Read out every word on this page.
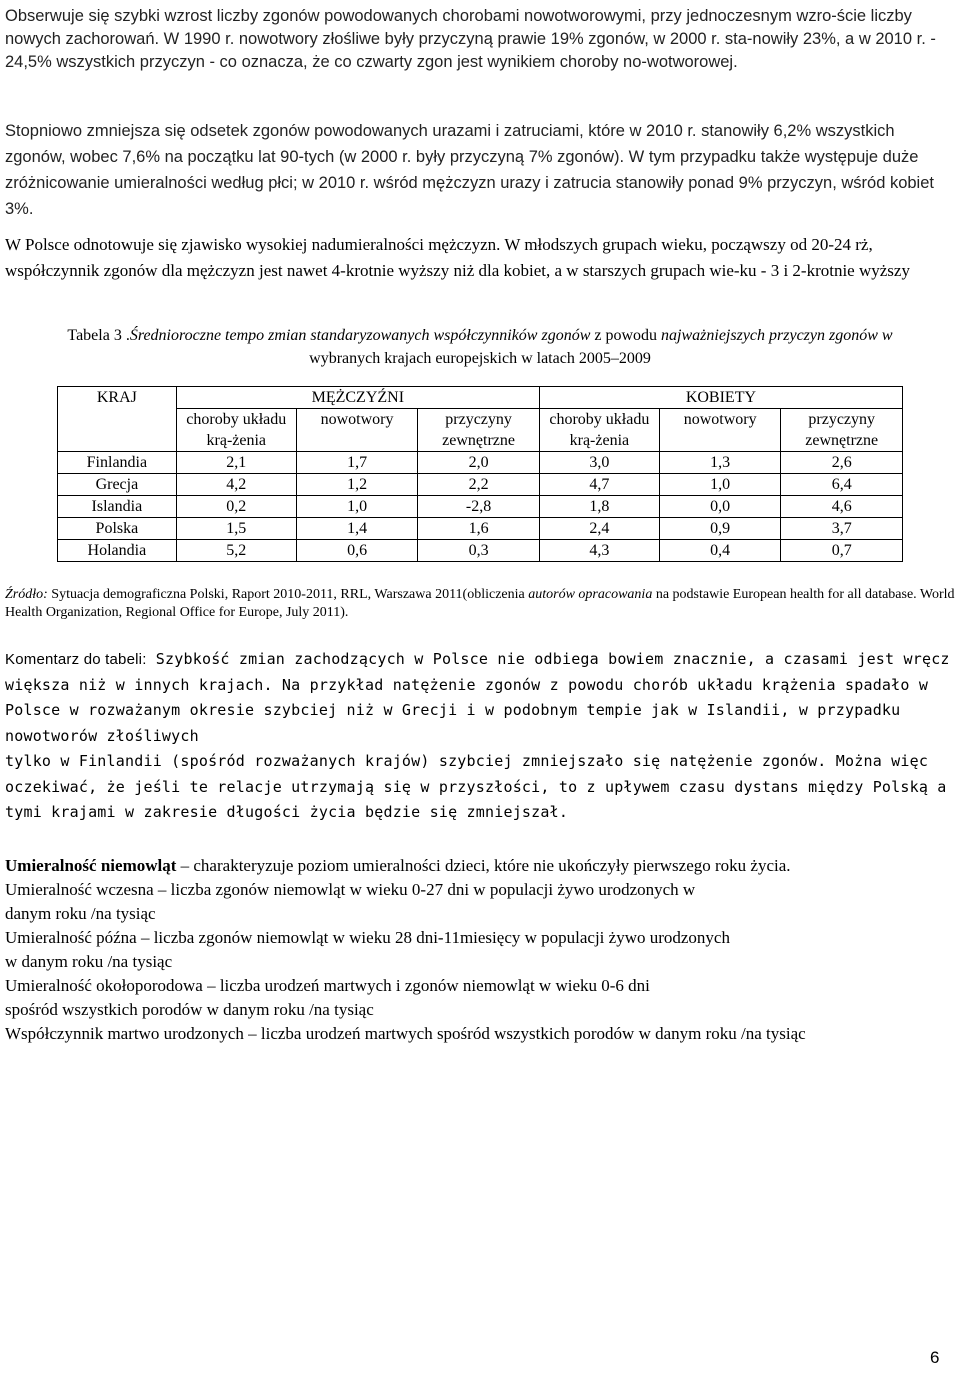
Obserwuje się szybki wzrost liczby zgonów powodowanych chorobami nowotworowymi, przy jednoczesnym wzro-ście liczby nowych zachorowań. W 1990 r. nowotwory złośliwe były przyczyną prawie 19% zgonów, w 2000 r. sta-nowiły 23%, a w 2010 r. - 24,5% wszystkich przyczyn - co oznacza, że co czwarty zgon jest wynikiem choroby no-wotworowej.
Stopniowo zmniejsza się odsetek zgonów powodowanych urazami i zatruciami, które w 2010 r. stanowiły 6,2% wszystkich zgonów, wobec 7,6% na początku lat 90-tych (w 2000 r. były przyczyną 7% zgonów). W tym przypadku także występuje duże zróżnicowanie umieralności według płci; w 2010 r. wśród mężczyzn urazy i zatrucia stanowiły ponad 9% przyczyn, wśród kobiet 3%.
W Polsce odnotowuje się zjawisko wysokiej nadumieralności mężczyzn. W młodszych grupach wieku, począwszy od 20-24 rż, współczynnik zgonów dla mężczyzn jest nawet 4-krotnie wyższy niż dla kobiet, a w starszych grupach wie-ku - 3 i 2-krotnie wyższy
Tabela 3 .Średnioroczne tempo zmian standaryzowanych współczynników zgonów z powodu najważniejszych przyczyn zgonów w
wybranych krajach europejskich w latach 2005–2009
KRAJ	MĘŻCZYŹNI			KOBIETY		
	choroby układu krą-żenia	nowotwory	przyczyny zewnętrzne	choroby układu krą-żenia	nowotwory	przyczyny zewnętrzne
Finlandia	2,1	1,7	2,0	3,0	1,3	2,6
Grecja	4,2	1,2	2,2	4,7	1,0	6,4
Islandia	0,2	1,0	-2,8	1,8	0,0	4,6
Polska	1,5	1,4	1,6	2,4	0,9	3,7
Holandia	5,2	0,6	0,3	4,3	0,4	0,7
Źródło: Sytuacja demograficzna Polski, Raport 2010-2011, RRL, Warszawa 2011(obliczenia autorów opracowania na podstawie European health for all database. World Health Organization, Regional Office for Europe, July 2011).
Komentarz do tabeli: Szybkość zmian zachodzących w Polsce nie odbiega bowiem znacznie, a czasami jest wręcz większa niż w innych krajach. Na przykład natężenie zgonów z powodu chorób układu krążenia spadało w Polsce w rozważanym okresie szybciej niż w Grecji i w podobnym tempie jak w Islandii, w przypadku nowotworów złośliwych
tylko w Finlandii (spośród rozważanych krajów) szybciej zmniejszało się natężenie zgonów. Można więc oczekiwać, że jeśli te relacje utrzymają się w przyszłości, to z upływem czasu dystans między Polską a tymi krajami w zakresie długości życia będzie się zmniejszał.
Umieralność niemowląt – charakteryzuje poziom umieralności dzieci, które nie ukończyły pierwszego roku życia.
Umieralność wczesna – liczba zgonów niemowląt w wieku 0-27 dni w populacji żywo urodzonych w
danym roku /na tysiąc
Umieralność późna – liczba zgonów niemowląt w wieku 28 dni-11miesięcy w populacji żywo urodzonych
w danym roku /na tysiąc
Umieralność okołoporodowa – liczba urodzeń martwych i zgonów niemowląt w wieku 0-6 dni
spośród wszystkich porodów w danym roku /na tysiąc
Współczynnik martwo urodzonych – liczba urodzeń martwych spośród wszystkich porodów w danym roku /na tysiąc
6
